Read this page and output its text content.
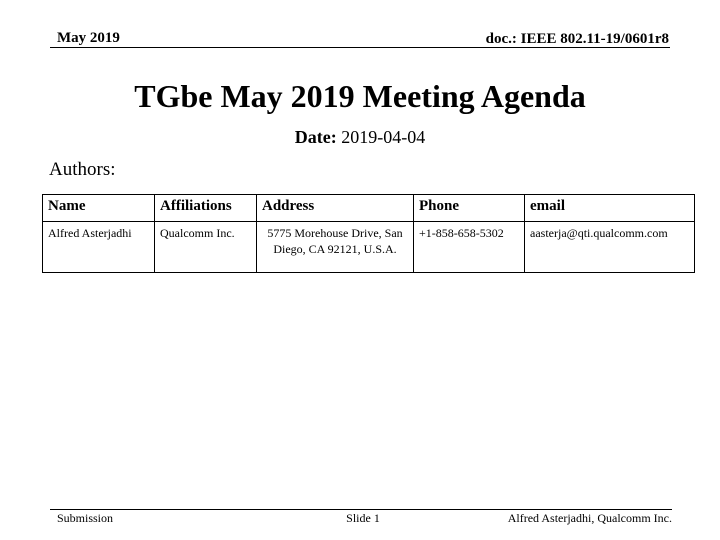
May 2019	doc.: IEEE 802.11-19/0601r8
TGbe May 2019 Meeting Agenda
Date: 2019-04-04
Authors:
Name	Affiliations	Address	Phone	email
Alfred Asterjadhi	Qualcomm Inc.	5775 Morehouse Drive, San Diego, CA 92121, U.S.A.	+1-858-658-5302	aasterja@qti.qualcomm.com
Submission	Slide 1	Alfred Asterjadhi, Qualcomm Inc.
